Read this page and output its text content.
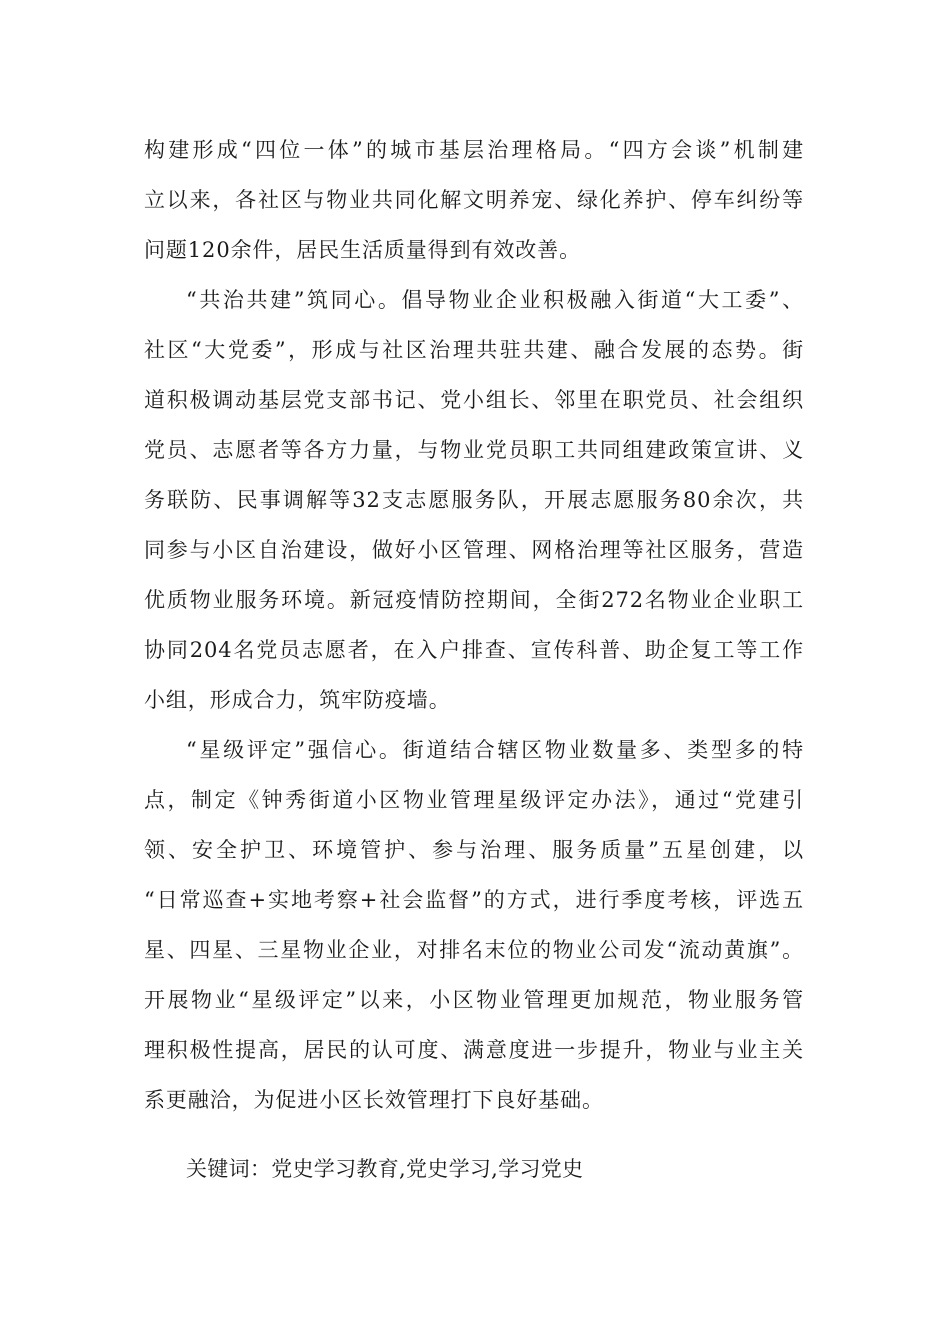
构建形成“四位一体”的城市基层治理格局。“四方会谈”机制建
立以来，各社区与物业共同化解文明养宠、绿化养护、停车纠纷等
问题120余件，居民生活质量得到有效改善。
“共治共建”筑同心。倡导物业企业积极融入街道“大工委”、
社区“大党委”，形成与社区治理共驻共建、融合发展的态势。街
道积极调动基层党支部书记、党小组长、邻里在职党员、社会组织
党员、志愿者等各方力量，与物业党员职工共同组建政策宣讲、义
务联防、民事调解等32支志愿服务队，开展志愿服务80余次，共
同参与小区自治建设，做好小区管理、网格治理等社区服务，营造
优质物业服务环境。新冠疫情防控期间，全街272名物业企业职工
协同204名党员志愿者，在入户排查、宣传科普、助企复工等工作
小组，形成合力，筑牢防疫墙。
“星级评定”强信心。街道结合辖区物业数量多、类型多的特
点，制定《钟秀街道小区物业管理星级评定办法》，通过“党建引
领、安全护卫、环境管护、参与治理、服务质量”五星创建，以
“日常巡查+实地考察+社会监督”的方式，进行季度考核，评选五
星、四星、三星物业企业，对排名末位的物业公司发“流动黄旗”。
开展物业“星级评定”以来，小区物业管理更加规范，物业服务管
理积极性提高，居民的认可度、满意度进一步提升，物业与业主关
系更融洽，为促进小区长效管理打下良好基础。
关键词：党史学习教育,党史学习,学习党史
